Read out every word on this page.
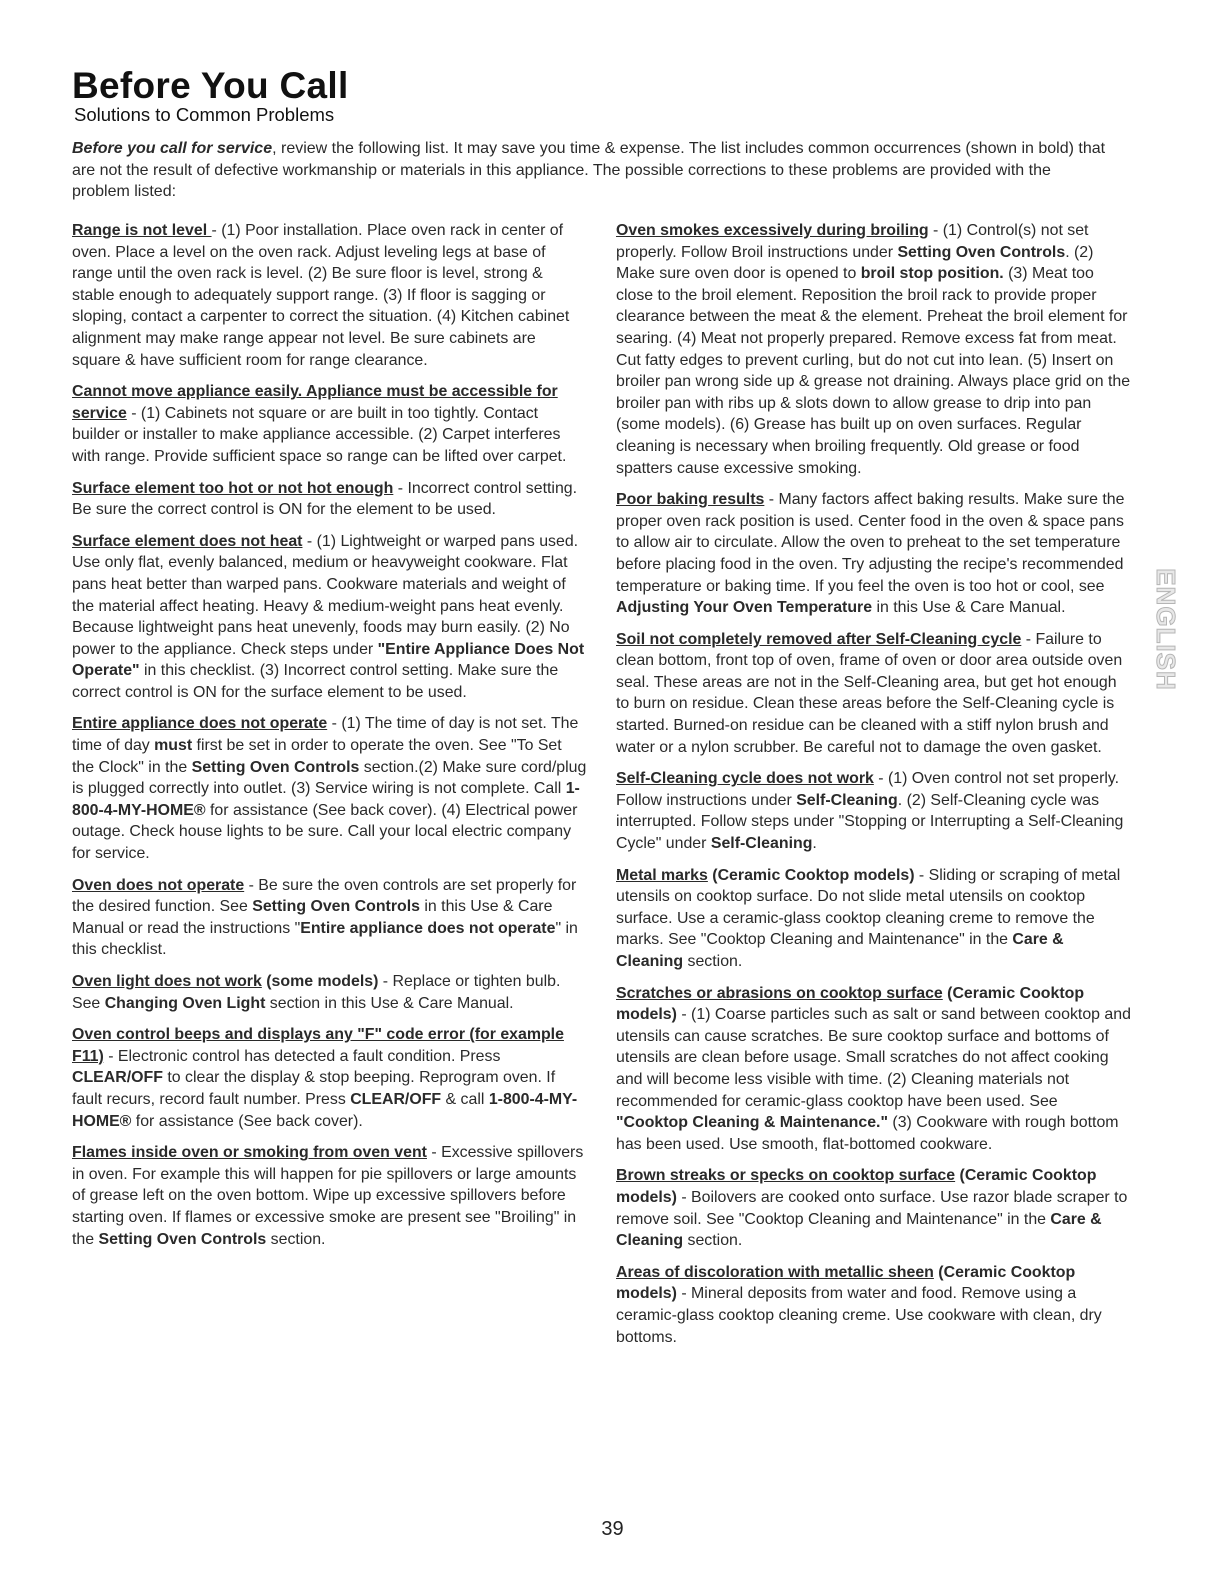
Before You Call
Solutions to Common Problems

Before you call for service, review the following list. It may save you time & expense. The list includes common occurrences (shown in bold) that are not the result of defective workmanship or materials in this appliance. The possible corrections to these problems are provided with the problem listed:

Range is not level - (1) Poor installation. Place oven rack in center of oven. Place a level on the oven rack. Adjust leveling legs at base of range until the oven rack is level. (2) Be sure floor is level, strong & stable enough to adequately support range. (3) If floor is sagging or sloping, contact a carpenter to correct the situation. (4) Kitchen cabinet alignment may make range appear not level. Be sure cabinets are square & have sufficient room for range clearance.

Cannot move appliance easily. Appliance must be accessible for service - (1) Cabinets not square or are built in too tightly. Contact builder or installer to make appliance accessible. (2) Carpet interferes with range. Provide sufficient space so range can be lifted over carpet.

Surface element too hot or not hot enough - Incorrect control setting. Be sure the correct control is ON for the element to be used.

Surface element does not heat - (1) Lightweight or warped pans used. Use only flat, evenly balanced, medium or heavyweight cookware. Flat pans heat better than warped pans. Cookware materials and weight of the material affect heating. Heavy & medium-weight pans heat evenly. Because lightweight pans heat unevenly, foods may burn easily. (2) No power to the appliance. Check steps under "Entire Appliance Does Not Operate" in this checklist. (3) Incorrect control setting. Make sure the correct control is ON for the surface element to be used.

Entire appliance does not operate - (1) The time of day is not set. The time of day must first be set in order to operate the oven. See "To Set the Clock" in the Setting Oven Controls section.(2) Make sure cord/plug is plugged correctly into outlet. (3) Service wiring is not complete. Call 1-800-4-MY-HOME® for assistance (See back cover). (4) Electrical power outage. Check house lights to be sure. Call your local electric company for service.

Oven does not operate - Be sure the oven controls are set properly for the desired function. See Setting Oven Controls in this Use & Care Manual or read the instructions "Entire appliance does not operate" in this checklist.

Oven light does not work (some models) - Replace or tighten bulb. See Changing Oven Light section in this Use & Care Manual.

Oven control beeps and displays any "F" code error (for example F11) - Electronic control has detected a fault condition. Press CLEAR/OFF to clear the display & stop beeping. Reprogram oven. If fault recurs, record fault number. Press CLEAR/OFF & call 1-800-4-MY-HOME® for assistance (See back cover).

Flames inside oven or smoking from oven vent - Excessive spillovers in oven. For example this will happen for pie spillovers or large amounts of grease left on the oven bottom. Wipe up excessive spillovers before starting oven. If flames or excessive smoke are present see "Broiling" in the Setting Oven Controls section.

Oven smokes excessively during broiling - (1) Control(s) not set properly. Follow Broil instructions under Setting Oven Controls. (2) Make sure oven door is opened to broil stop position. (3) Meat too close to the broil element. Reposition the broil rack to provide proper clearance between the meat & the element. Preheat the broil element for searing. (4) Meat not properly prepared. Remove excess fat from meat. Cut fatty edges to prevent curling, but do not cut into lean. (5) Insert on broiler pan wrong side up & grease not draining. Always place grid on the broiler pan with ribs up & slots down to allow grease to drip into pan (some models). (6) Grease has built up on oven surfaces. Regular cleaning is necessary when broiling frequently. Old grease or food spatters cause excessive smoking.

Poor baking results - Many factors affect baking results. Make sure the proper oven rack position is used. Center food in the oven & space pans to allow air to circulate. Allow the oven to preheat to the set temperature before placing food in the oven. Try adjusting the recipe's recommended temperature or baking time. If you feel the oven is too hot or cool, see Adjusting Your Oven Temperature in this Use & Care Manual.

Soil not completely removed after Self-Cleaning cycle - Failure to clean bottom, front top of oven, frame of oven or door area outside oven seal. These areas are not in the Self-Cleaning area, but get hot enough to burn on residue. Clean these areas before the Self-Cleaning cycle is started. Burned-on residue can be cleaned with a stiff nylon brush and water or a nylon scrubber. Be careful not to damage the oven gasket.

Self-Cleaning cycle does not work - (1) Oven control not set properly. Follow instructions under Self-Cleaning. (2) Self-Cleaning cycle was interrupted. Follow steps under "Stopping or Interrupting a Self-Cleaning Cycle" under Self-Cleaning.

Metal marks (Ceramic Cooktop models) - Sliding or scraping of metal utensils on cooktop surface. Do not slide metal utensils on cooktop surface. Use a ceramic-glass cooktop cleaning creme to remove the marks. See "Cooktop Cleaning and Maintenance" in the Care & Cleaning section.

Scratches or abrasions on cooktop surface (Ceramic Cooktop models) - (1) Coarse particles such as salt or sand between cooktop and utensils can cause scratches. Be sure cooktop surface and bottoms of utensils are clean before usage. Small scratches do not affect cooking and will become less visible with time. (2) Cleaning materials not recommended for ceramic-glass cooktop have been used. See "Cooktop Cleaning & Maintenance." (3) Cookware with rough bottom has been used. Use smooth, flat-bottomed cookware.

Brown streaks or specks on cooktop surface (Ceramic Cooktop models) - Boilovers are cooked onto surface. Use razor blade scraper to remove soil. See "Cooktop Cleaning and Maintenance" in the Care & Cleaning section.

Areas of discoloration with metallic sheen (Ceramic Cooktop models) - Mineral deposits from water and food. Remove using a ceramic-glass cooktop cleaning creme. Use cookware with clean, dry bottoms.

ENGLISH
39
